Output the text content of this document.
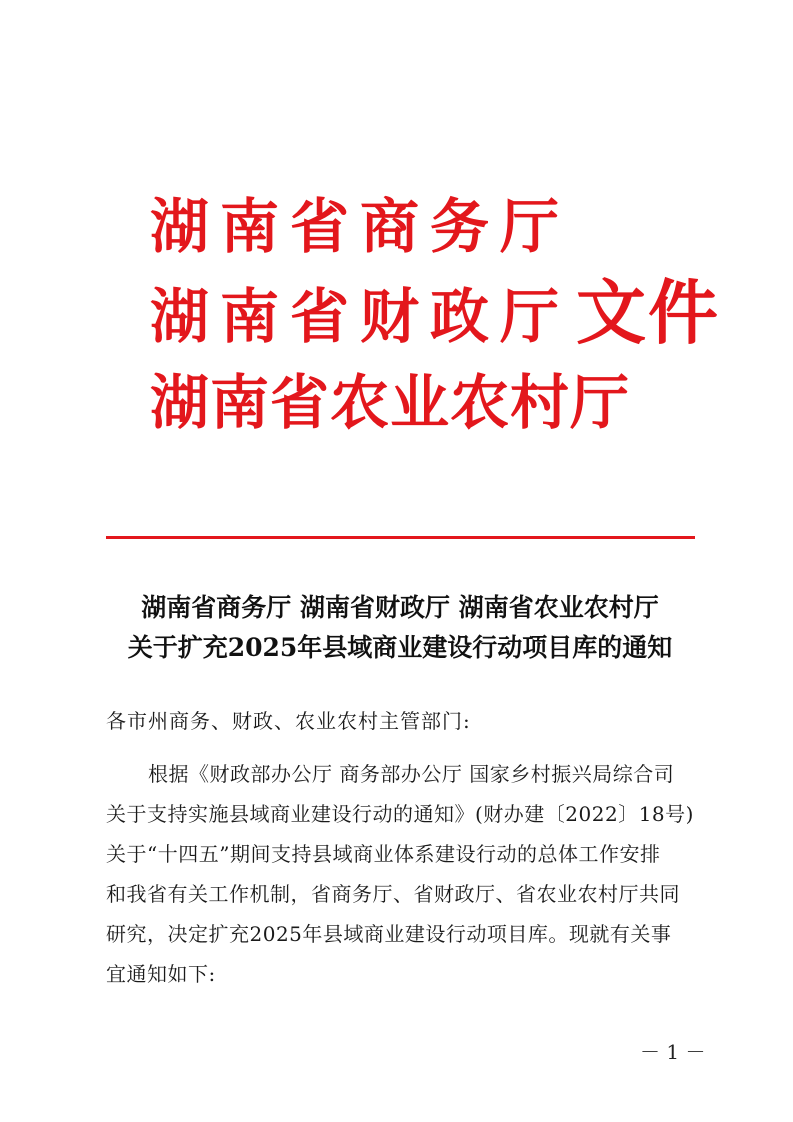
湖南省商务厅
湖南省财政厅文件
湖南省农业农村厅
湖南省商务厅 湖南省财政厅 湖南省农业农村厅
关于扩充2025年县域商业建设行动项目库的通知
各市州商务、财政、农业农村主管部门:
根据《财政部办公厅 商务部办公厅 国家乡村振兴局综合司
关于支持实施县域商业建设行动的通知》(财办建〔2022〕18号)
关于“十四五”期间支持县域商业体系建设行动的总体工作安排
和我省有关工作机制，省商务厅、省财政厅、省农业农村厅共同
研究，决定扩充2025年县域商业建设行动项目库。现就有关事
宜通知如下:
－ 1 －
